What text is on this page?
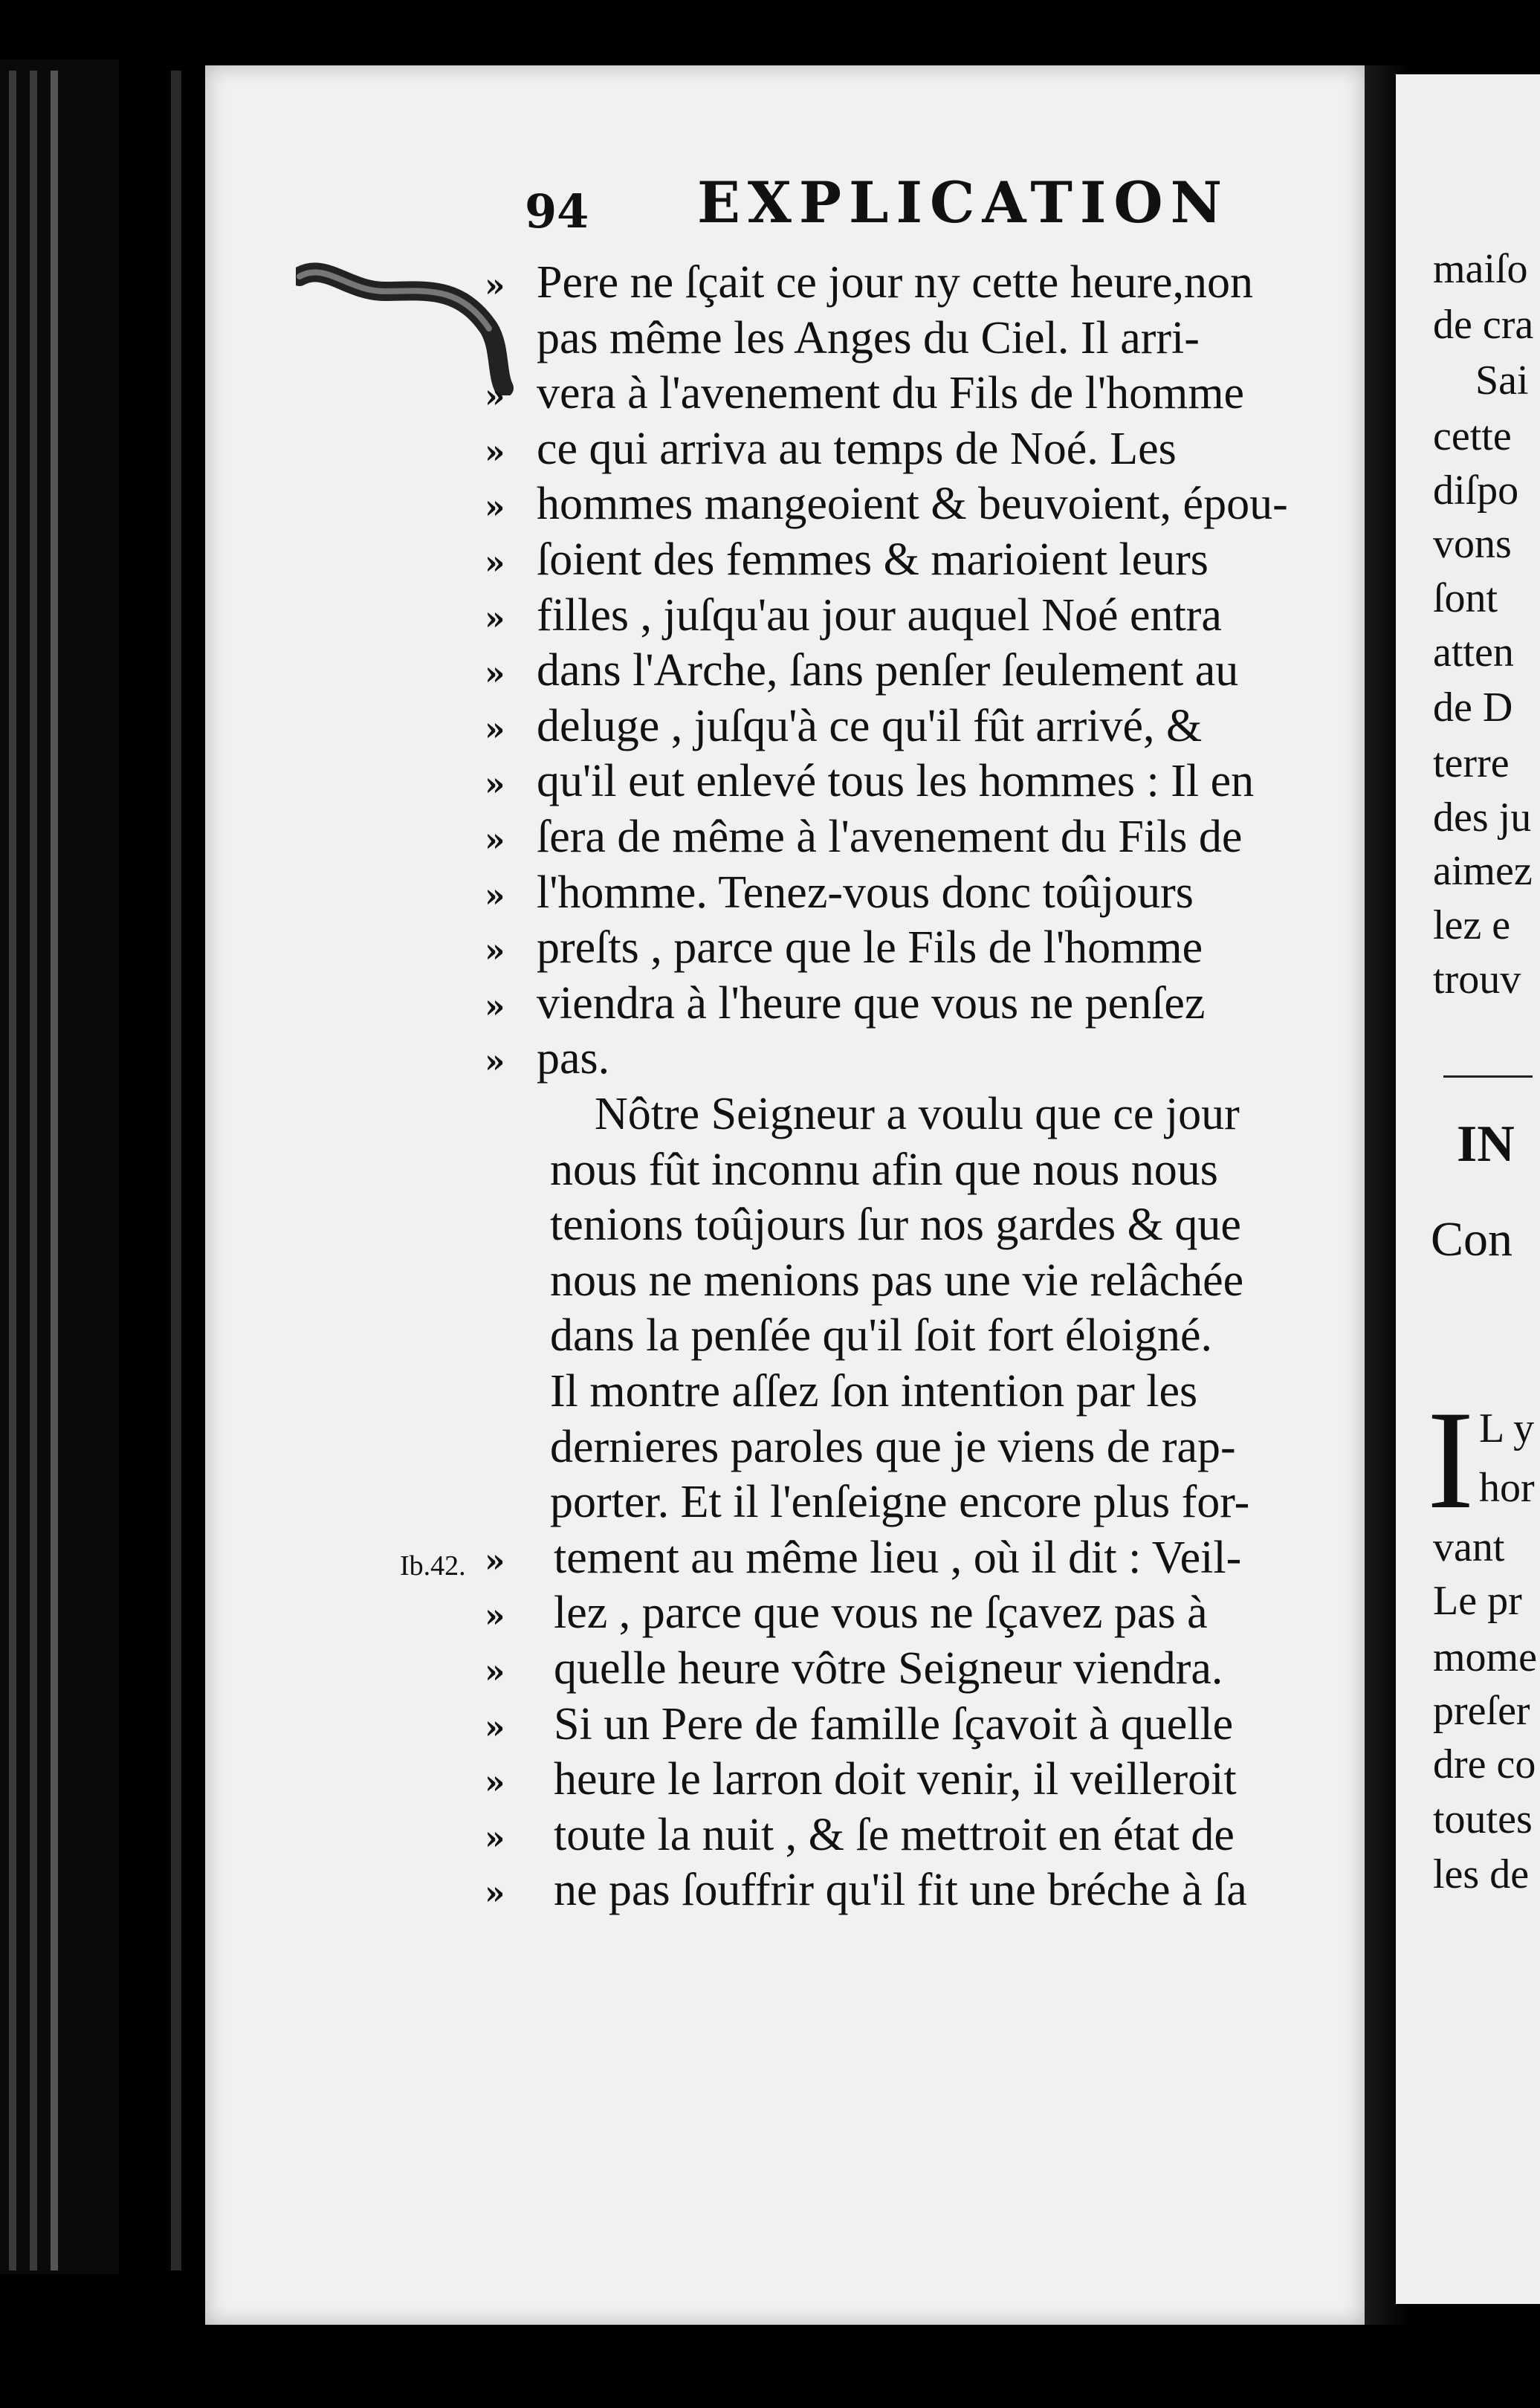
94 EXPLICATION
» Pere ne ſçait ce jour ny cette heure,non
pas même les Anges du Ciel. Il arri-
» vera à l'avenement du Fils de l'homme
» ce qui arriva au temps de Noé. Les
» hommes mangeoient & beuvoient, épou-
» ſoient des femmes & marioient leurs
» filles , juſqu'au jour auquel Noé entra
» dans l'Arche, ſans penſer ſeulement au
» deluge , juſqu'à ce qu'il fût arrivé, &
» qu'il eut enlevé tous les hommes : Il en
» ſera de même à l'avenement du Fils de
» l'homme. Tenez-vous donc toûjours
» preſts , parce que le Fils de l'homme
» viendra à l'heure que vous ne penſez
» pas.
Nôtre Seigneur a voulu que ce jour
nous fût inconnu afin que nous nous
tenions toûjours ſur nos gardes & que
nous ne menions pas une vie relâchée
dans la penſée qu'il ſoit fort éloigné.
Il montre aſſez ſon intention par les
dernieres paroles que je viens de rap-
porter. Et il l'enſeigne encore plus for-
» tement au même lieu , où il dit : Veil-
» lez , parce que vous ne ſçavez pas à
» quelle heure vôtre Seigneur viendra.
» Si un Pere de famille ſçavoit à quelle
» heure le larron doit venir, il veilleroit
» toute la nuit , & ſe mettroit en état de
» ne pas ſouffrir qu'il fit une bréche à ſa
Ib.42.
maiſo
de cra
Sai
cette
diſpo
vons
ſont
atten
de D
terre
des ju
aimez
lez e
trouv
L y
hor
vant
Le pr
mome
preſer
dre co
toutes
les de
IN
Con
I
